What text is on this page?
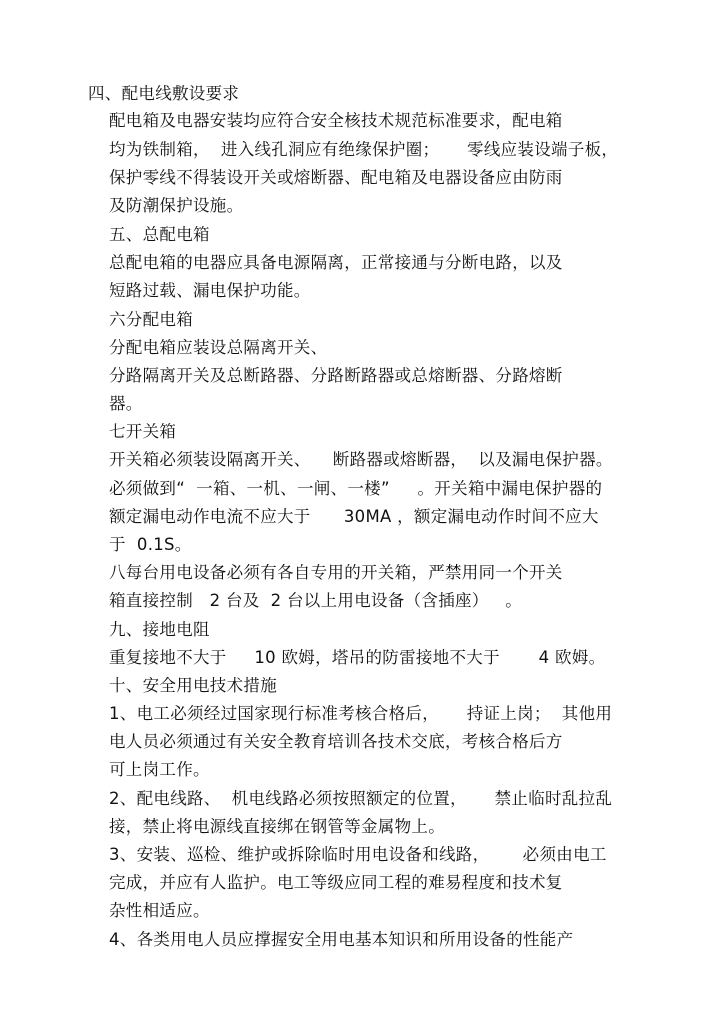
四、配电线敷设要求
配电箱及电器安装均应符合安全核技术规范标准要求，配电箱
均为铁制箱，  进入线孔洞应有绝缘保护圈；     零线应装设端子板，
保护零线不得装设开关或熔断器、配电箱及电器设备应由防雨
及防潮保护设施。
五、总配电箱
总配电箱的电器应具备电源隔离，正常接通与分断电路，以及
短路过载、漏电保护功能。
六分配电箱
分配电箱应装设总隔离开关、
分路隔离开关及总断路器、分路断路器或总熔断器、分路熔断
器。
七开关箱
开关箱必须装设隔离开关、    断路器或熔断器，  以及漏电保护器。
必须做到“  一箱、一机、一闸、一楼”     。开关箱中漏电保护器的
额定漏电动作电流不应大于      30MA ，额定漏电动作时间不应大
于  0.1S。
八每台用电设备必须有各自专用的开关箱，严禁用同一个开关
箱直接控制   2 台及  2 台以上用电设备（含插座）   。
九、接地电阻
重复接地不大于     10 欧姆，塔吊的防雷接地不大于       4 欧姆。
十、安全用电技术措施
1、电工必须经过国家现行标准考核合格后，     持证上岗；  其他用
电人员必须通过有关安全教育培训各技术交底，考核合格后方
可上岗工作。
2、配电线路、  机电线路必须按照额定的位置，     禁止临时乱拉乱
接，禁止将电源线直接绑在钢管等金属物上。
3、安装、巡检、维护或拆除临时用电设备和线路，      必须由电工
完成，并应有人监护。电工等级应同工程的难易程度和技术复
杂性相适应。
4、各类用电人员应撑握安全用电基本知识和所用设备的性能产
